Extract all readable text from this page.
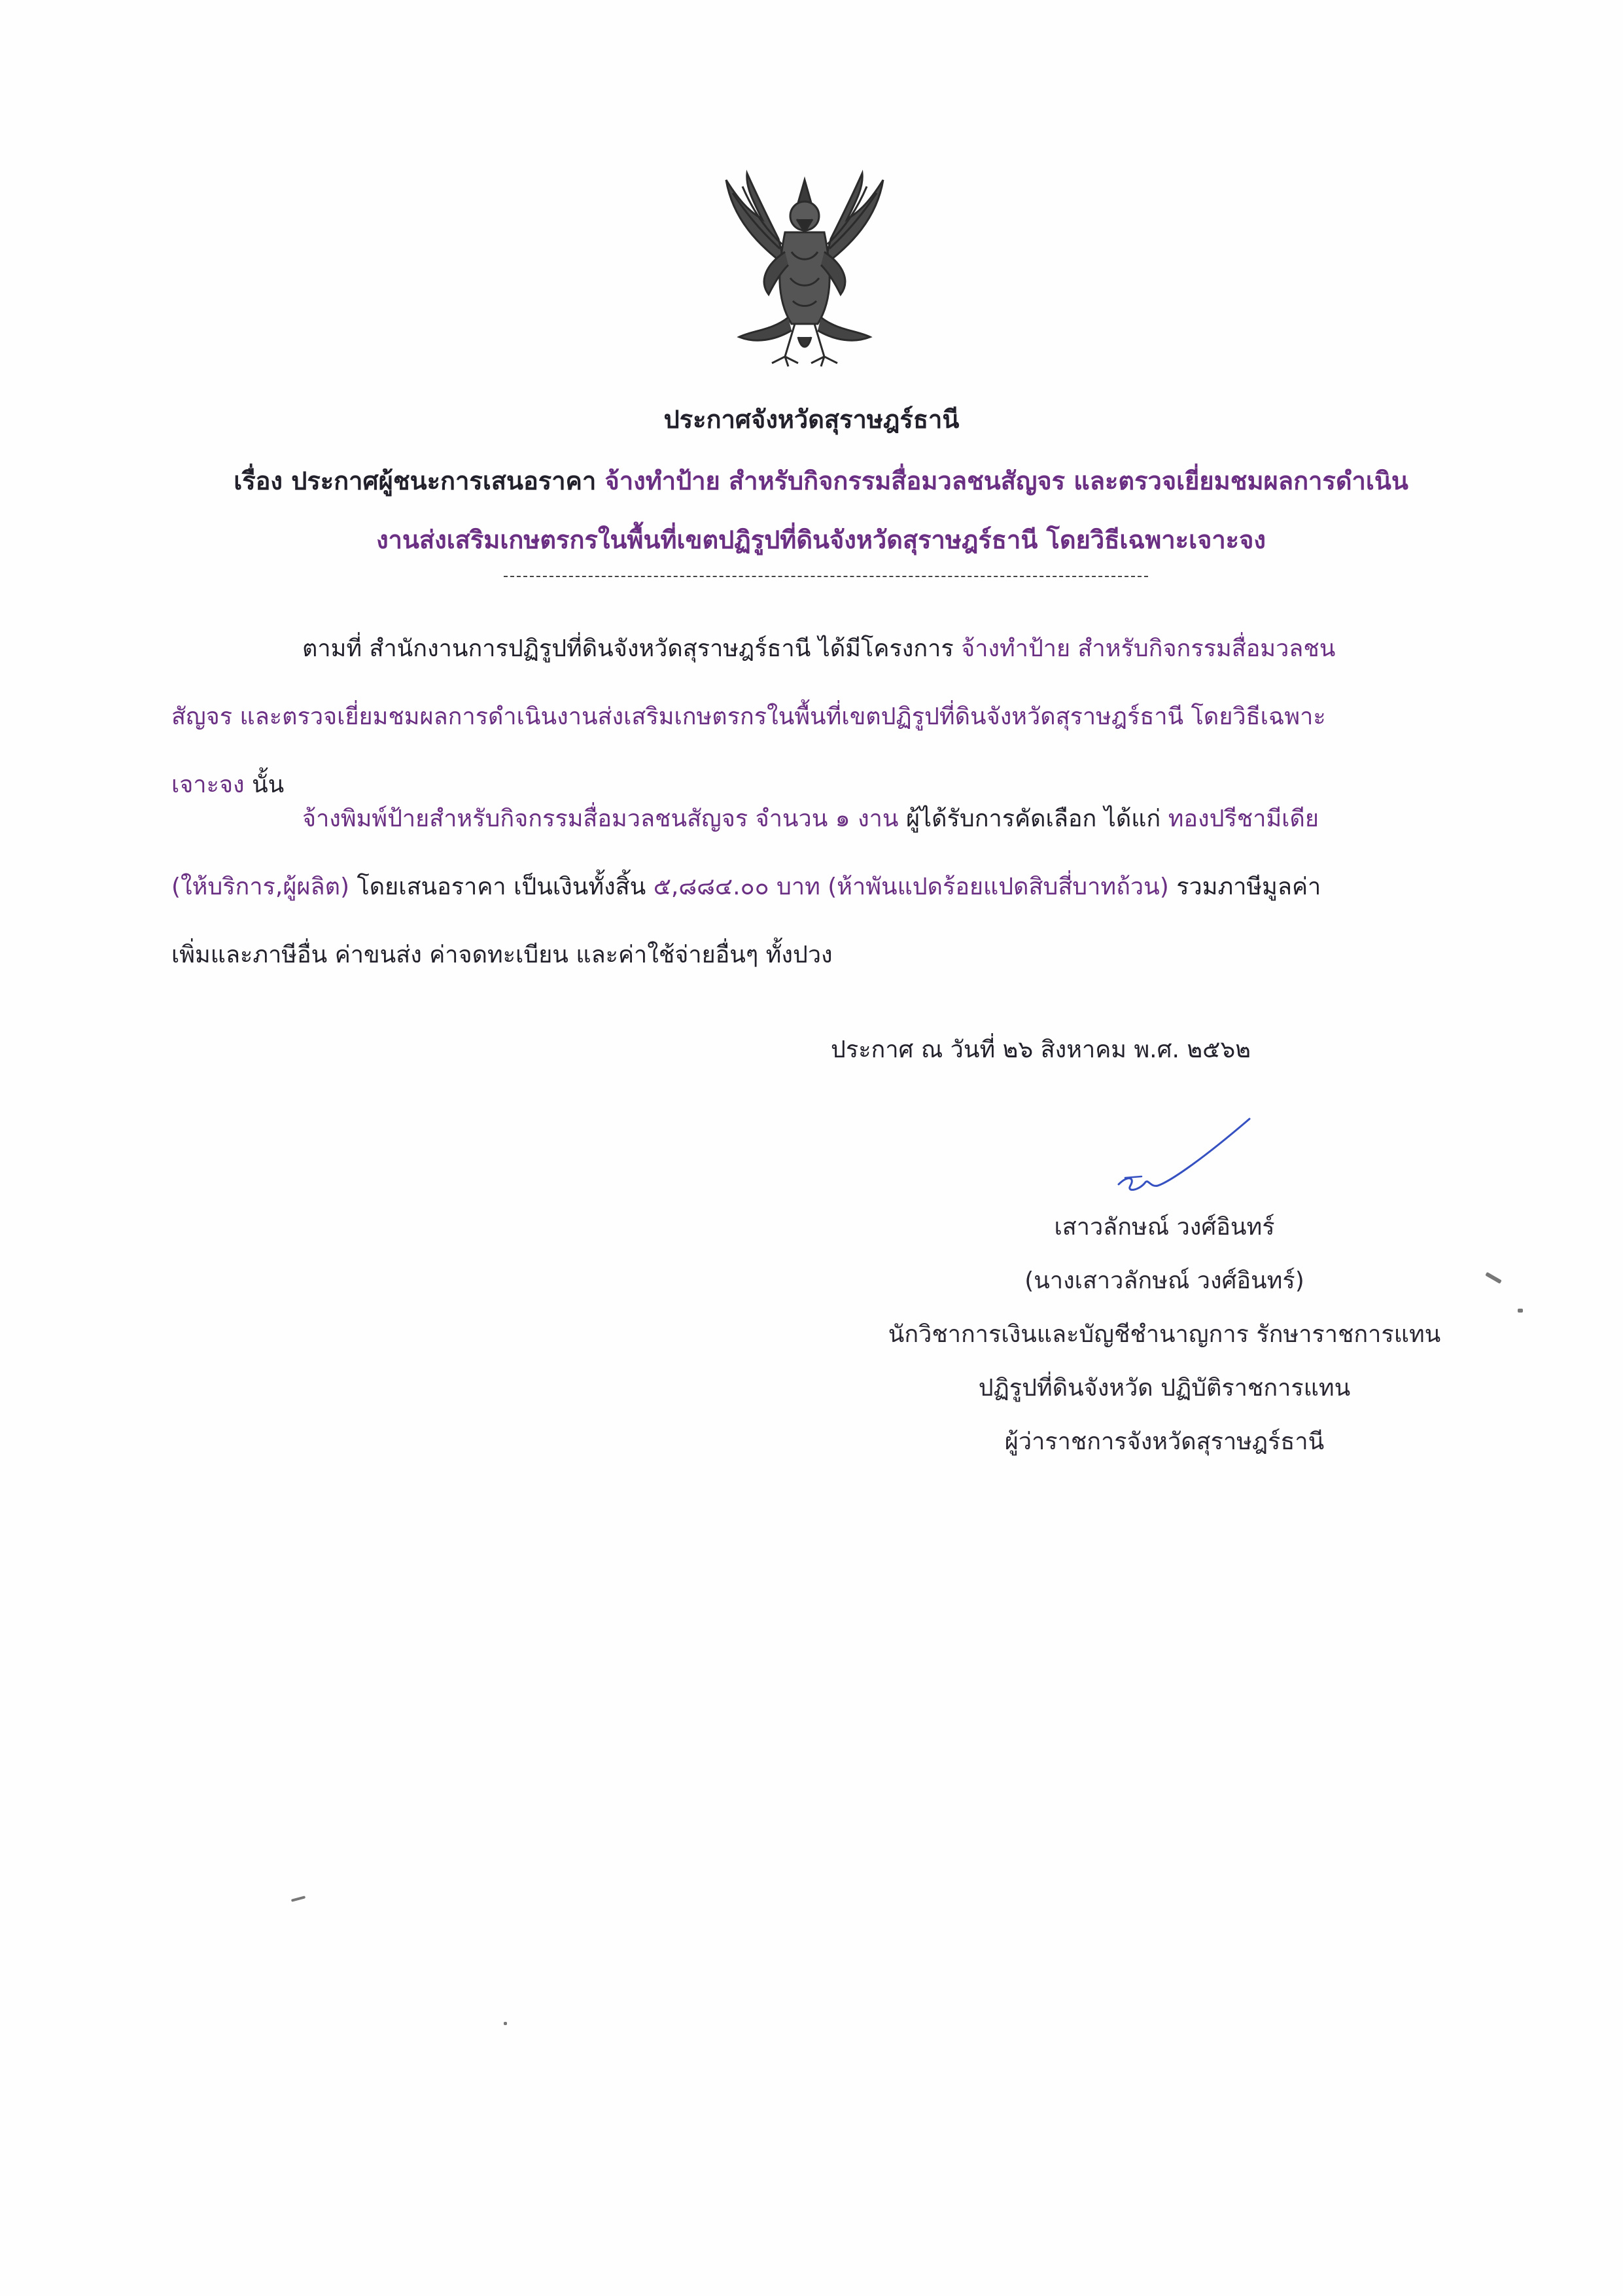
ประกาศจังหวัดสุราษฎร์ธานี
เรื่อง ประกาศผู้ชนะการเสนอราคา จ้างทำป้าย สำหรับกิจกรรมสื่อมวลชนสัญจร และตรวจเยี่ยมชมผลการดำเนิน
งานส่งเสริมเกษตรกรในพื้นที่เขตปฏิรูปที่ดินจังหวัดสุราษฎร์ธานี โดยวิธีเฉพาะเจาะจง
ตามที่ สำนักงานการปฏิรูปที่ดินจังหวัดสุราษฎร์ธานี ได้มีโครงการ จ้างทำป้าย สำหรับกิจกรรมสื่อมวลชน
สัญจร และตรวจเยี่ยมชมผลการดำเนินงานส่งเสริมเกษตรกรในพื้นที่เขตปฏิรูปที่ดินจังหวัดสุราษฎร์ธานี โดยวิธีเฉพาะ
เจาะจง นั้น
จ้างพิมพ์ป้ายสำหรับกิจกรรมสื่อมวลชนสัญจร จำนวน ๑ งาน ผู้ได้รับการคัดเลือก ได้แก่ ทองปรีชามีเดีย
(ให้บริการ,ผู้ผลิต) โดยเสนอราคา เป็นเงินทั้งสิ้น ๕,๘๘๔.๐๐ บาท (ห้าพันแปดร้อยแปดสิบสี่บาทถ้วน) รวมภาษีมูลค่า
เพิ่มและภาษีอื่น ค่าขนส่ง ค่าจดทะเบียน และค่าใช้จ่ายอื่นๆ ทั้งปวง
ประกาศ ณ วันที่ ๒๖ สิงหาคม พ.ศ. ๒๕๖๒
เสาวลักษณ์ วงศ์อินทร์
(นางเสาวลักษณ์ วงศ์อินทร์)
นักวิชาการเงินและบัญชีชำนาญการ รักษาราชการแทน
ปฏิรูปที่ดินจังหวัด ปฏิบัติราชการแทน
ผู้ว่าราชการจังหวัดสุราษฎร์ธานี
